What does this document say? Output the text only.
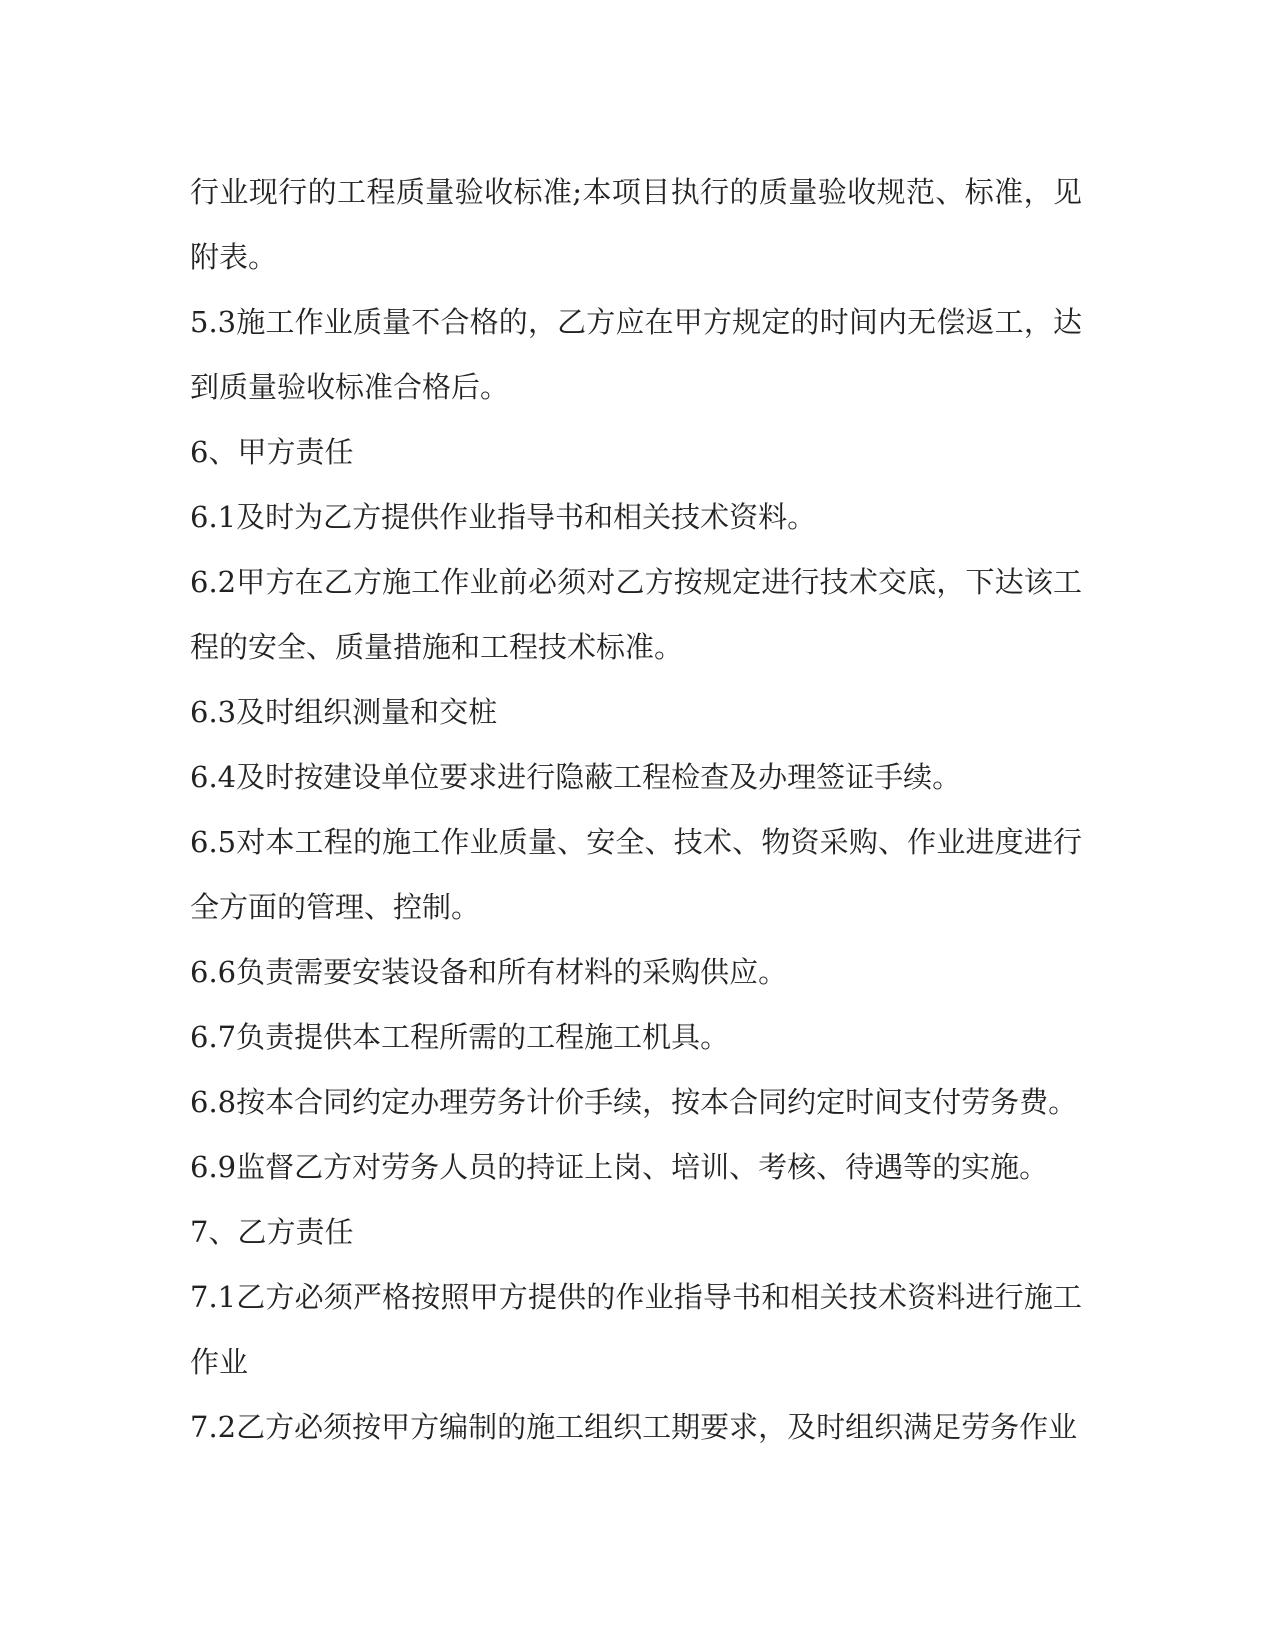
行业现行的工程质量验收标准;本项目执行的质量验收规范、标准，见附表。

5.3施工作业质量不合格的，乙方应在甲方规定的时间内无偿返工，达到质量验收标准合格后。

6、甲方责任

6.1及时为乙方提供作业指导书和相关技术资料。

6.2甲方在乙方施工作业前必须对乙方按规定进行技术交底，下达该工程的安全、质量措施和工程技术标准。

6.3及时组织测量和交桩

6.4及时按建设单位要求进行隐蔽工程检查及办理签证手续。

6.5对本工程的施工作业质量、安全、技术、物资采购、作业进度进行全方面的管理、控制。

6.6负责需要安装设备和所有材料的采购供应。

6.7负责提供本工程所需的工程施工机具。

6.8按本合同约定办理劳务计价手续，按本合同约定时间支付劳务费。

6.9监督乙方对劳务人员的持证上岗、培训、考核、待遇等的实施。

7、乙方责任

7.1乙方必须严格按照甲方提供的作业指导书和相关技术资料进行施工作业

7.2乙方必须按甲方编制的施工组织工期要求，及时组织满足劳务作业
